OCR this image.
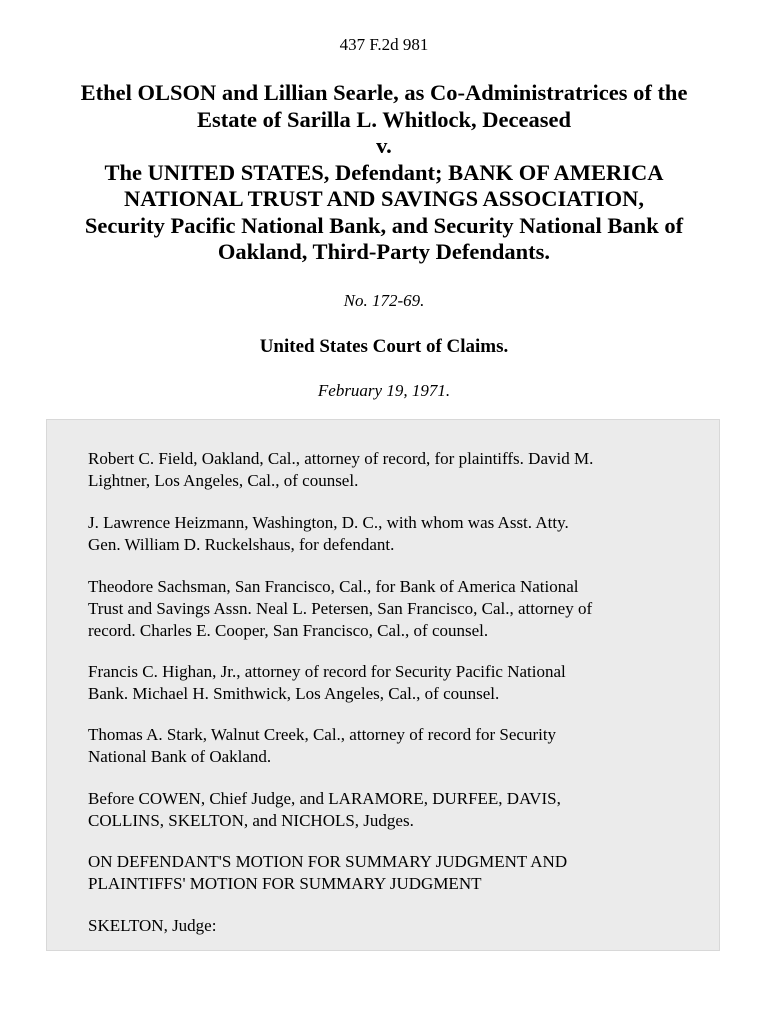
437 F.2d 981
Ethel OLSON and Lillian Searle, as Co-Administratrices of the
Estate of Sarilla L. Whitlock, Deceased
v.
The UNITED STATES, Defendant; BANK OF AMERICA
NATIONAL TRUST AND SAVINGS ASSOCIATION,
Security Pacific National Bank, and Security National Bank of
Oakland, Third-Party Defendants.
No. 172-69.
United States Court of Claims.
February 19, 1971.
Robert C. Field, Oakland, Cal., attorney of record, for plaintiffs. David M.
Lightner, Los Angeles, Cal., of counsel.
J. Lawrence Heizmann, Washington, D. C., with whom was Asst. Atty.
Gen. William D. Ruckelshaus, for defendant.
Theodore Sachsman, San Francisco, Cal., for Bank of America National
Trust and Savings Assn. Neal L. Petersen, San Francisco, Cal., attorney of
record. Charles E. Cooper, San Francisco, Cal., of counsel.
Francis C. Highan, Jr., attorney of record for Security Pacific National
Bank. Michael H. Smithwick, Los Angeles, Cal., of counsel.
Thomas A. Stark, Walnut Creek, Cal., attorney of record for Security
National Bank of Oakland.
Before COWEN, Chief Judge, and LARAMORE, DURFEE, DAVIS,
COLLINS, SKELTON, and NICHOLS, Judges.
ON DEFENDANT'S MOTION FOR SUMMARY JUDGMENT AND
PLAINTIFFS' MOTION FOR SUMMARY JUDGMENT
SKELTON, Judge:
